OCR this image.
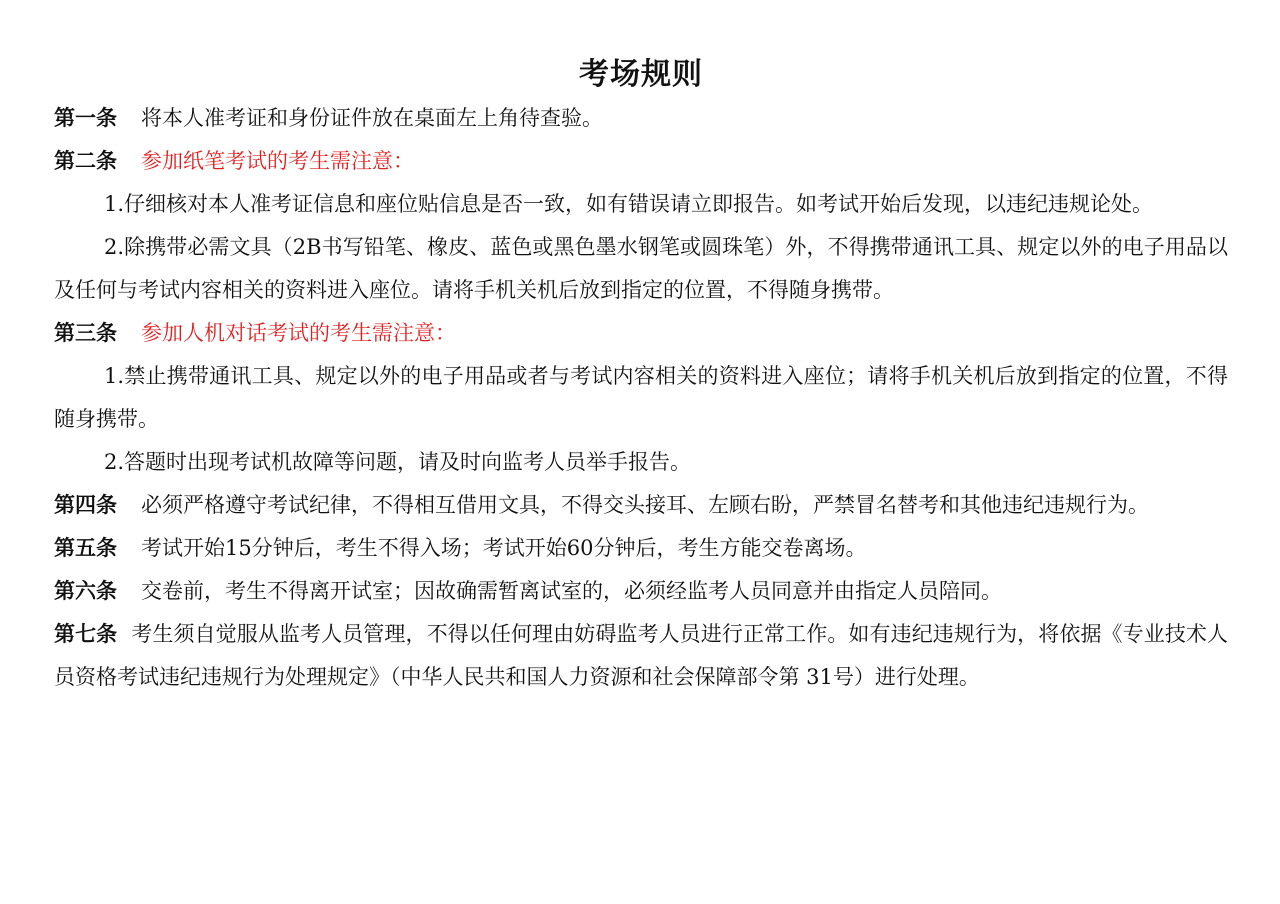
考场规则

第一条 将本人准考证和身份证件放在桌面左上角待查验。

第二条 参加纸笔考试的考生需注意：

1.仔细核对本人准考证信息和座位贴信息是否一致，如有错误请立即报告。如考试开始后发现，以违纪违规论处。

2.除携带必需文具（2B书写铅笔、橡皮、蓝色或黑色墨水钢笔或圆珠笔）外，不得携带通讯工具、规定以外的电子用品以及任何与考试内容相关的资料进入座位。请将手机关机后放到指定的位置，不得随身携带。

第三条 参加人机对话考试的考生需注意：

1.禁止携带通讯工具、规定以外的电子用品或者与考试内容相关的资料进入座位；请将手机关机后放到指定的位置，不得随身携带。

2.答题时出现考试机故障等问题，请及时向监考人员举手报告。

第四条 必须严格遵守考试纪律，不得相互借用文具，不得交头接耳、左顾右盼，严禁冒名替考和其他违纪违规行为。

第五条 考试开始15分钟后，考生不得入场；考试开始60分钟后，考生方能交卷离场。

第六条 交卷前，考生不得离开试室；因故确需暂离试室的，必须经监考人员同意并由指定人员陪同。

第七条 考生须自觉服从监考人员管理，不得以任何理由妨碍监考人员进行正常工作。如有违纪违规行为，将依据《专业技术人员资格考试违纪违规行为处理规定》（中华人民共和国人力资源和社会保障部令第 31号）进行处理。
